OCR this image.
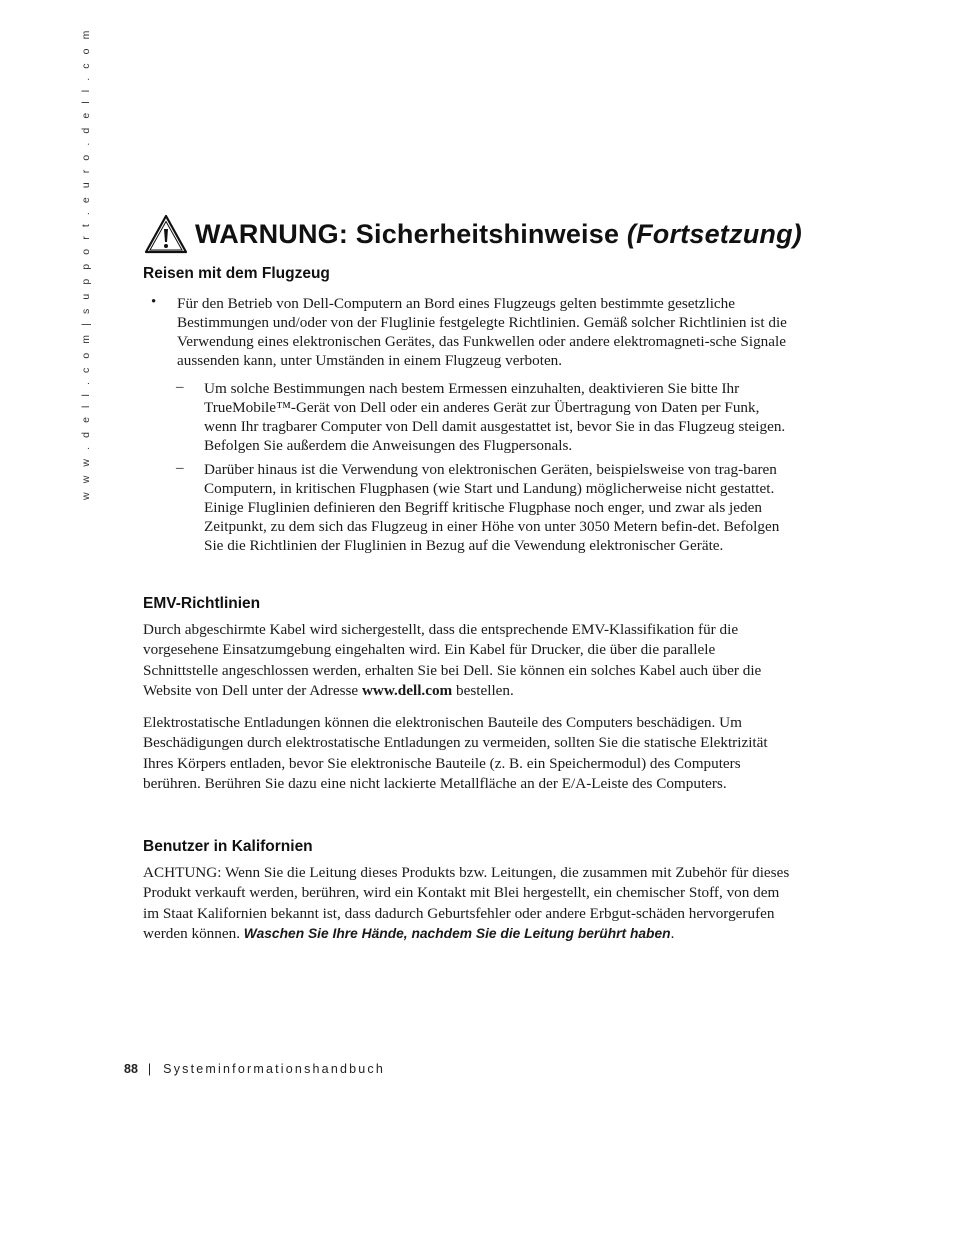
w w w . d e l l . c o m | s u p p o r t . e u r o . d e l l . c o m	WARNUNG: Sicherheitshinweise (Fortsetzung)
Reisen mit dem Flugzeug
• Für den Betrieb von Dell-Computern an Bord eines Flugzeugs gelten bestimmte gesetzliche Bestimmungen und/oder von der Fluglinie festgelegte Richtlinien. Gemäß solcher Richtlinien ist die Verwendung eines elektronischen Gerätes, das Funkwellen oder andere elektromagneti-sche Signale aussenden kann, unter Umständen in einem Flugzeug verboten.

– Um solche Bestimmungen nach bestem Ermessen einzuhalten, deaktivieren Sie bitte Ihr TrueMobile™-Gerät von Dell oder ein anderes Gerät zur Übertragung von Daten per Funk, wenn Ihr tragbarer Computer von Dell damit ausgestattet ist, bevor Sie in das Flugzeug steigen. Befolgen Sie außerdem die Anweisungen des Flugpersonals.

– Darüber hinaus ist die Verwendung von elektronischen Geräten, beispielsweise von trag-baren Computern, in kritischen Flugphasen (wie Start und Landung) möglicherweise nicht gestattet. Einige Fluglinien definieren den Begriff kritische Flugphase noch enger, und zwar als jeden Zeitpunkt, zu dem sich das Flugzeug in einer Höhe von unter 3050 Metern befin-det. Befolgen Sie die Richtlinien der Fluglinien in Bezug auf die Vewendung elektronischer Geräte.

EMV-Richtlinien

Durch abgeschirmte Kabel wird sichergestellt, dass die entsprechende EMV-Klassifikation für die vorgesehene Einsatzumgebung eingehalten wird. Ein Kabel für Drucker, die über die parallele Schnittstelle angeschlossen werden, erhalten Sie bei Dell. Sie können ein solches Kabel auch über die Website von Dell unter der Adresse www.dell.com bestellen.

Elektrostatische Entladungen können die elektronischen Bauteile des Computers beschädigen. Um Beschädigungen durch elektrostatische Entladungen zu vermeiden, sollten Sie die statische Elektrizität Ihres Körpers entladen, bevor Sie elektronische Bauteile (z. B. ein Speichermodul) des Computers berühren. Berühren Sie dazu eine nicht lackierte Metallfläche an der E/A-Leiste des Computers.

Benutzer in Kalifornien

ACHTUNG: Wenn Sie die Leitung dieses Produkts bzw. Leitungen, die zusammen mit Zubehör für dieses Produkt verkauft werden, berühren, wird ein Kontakt mit Blei hergestellt, ein chemischer Stoff, von dem im Staat Kalifornien bekannt ist, dass dadurch Geburtsfehler oder andere Erbgut-schäden hervorgerufen werden können. Waschen Sie Ihre Hände, nachdem Sie die Leitung berührt haben.

88 | Systeminformationshandbuch
